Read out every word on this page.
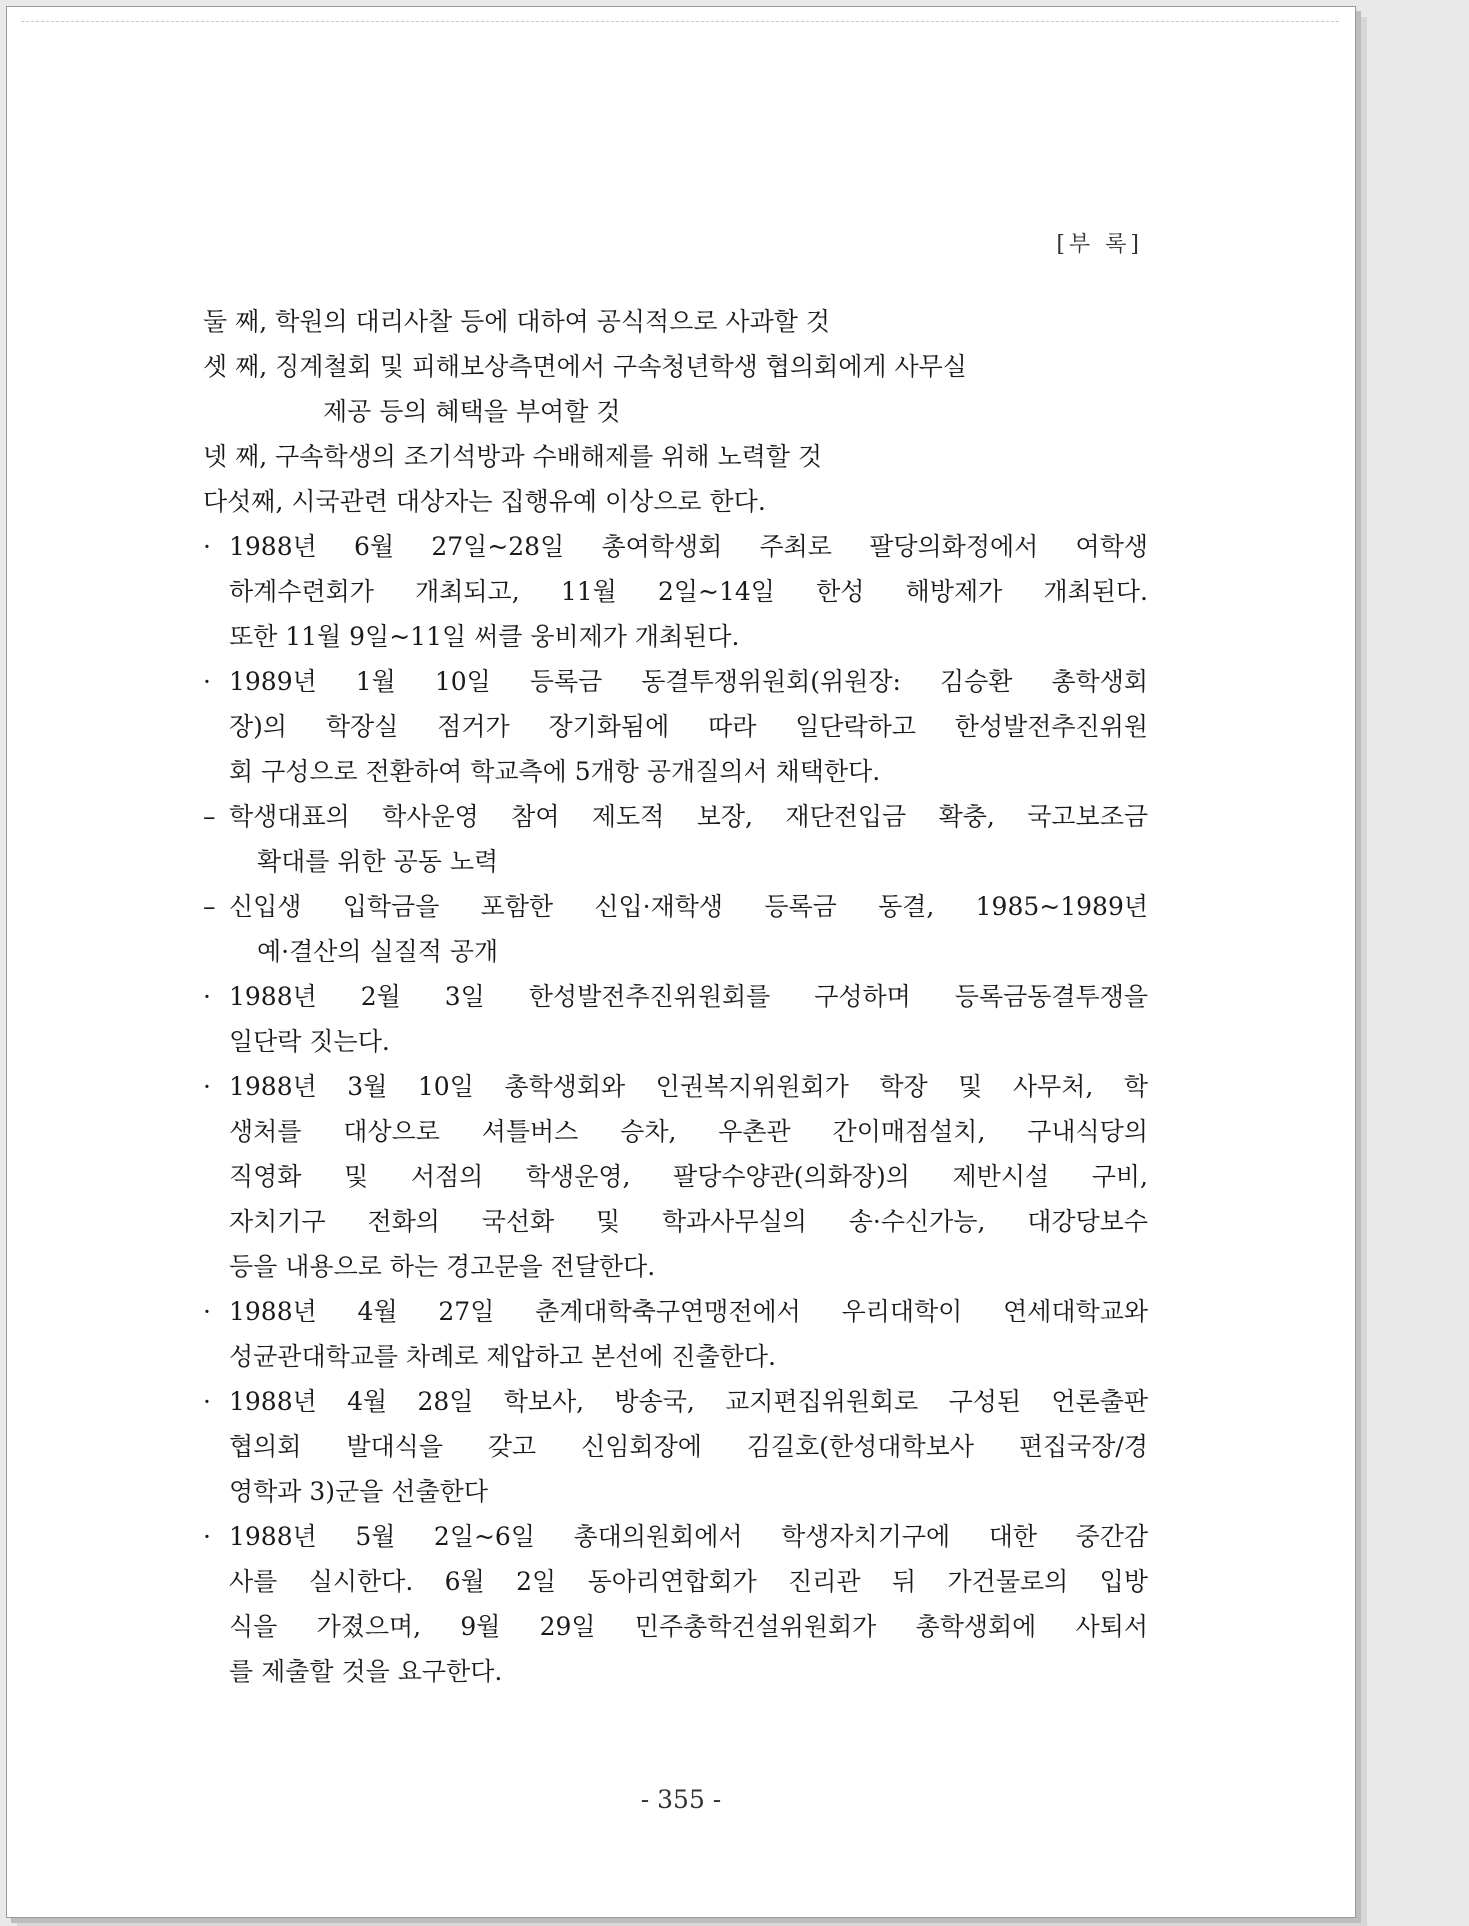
[부 록]
둘 째, 학원의 대리사찰 등에 대하여 공식적으로 사과할 것
셋 째, 징계철회 및 피해보상측면에서 구속청년학생 협의회에게 사무실
제공 등의 혜택을 부여할 것
넷 째, 구속학생의 조기석방과 수배해제를 위해 노력할 것
다섯째, 시국관련 대상자는 집행유예 이상으로 한다.
· 1988년 6월 27일~28일 총여학생회 주최로 팔당의화정에서 여학생
하계수련회가 개최되고, 11월 2일~14일 한성 해방제가 개최된다.
또한 11월 9일~11일 써클 웅비제가 개최된다.
· 1989년 1월 10일 등록금 동결투쟁위원회(위원장: 김승환 총학생회
장)의 학장실 점거가 장기화됨에 따라 일단락하고 한성발전추진위원
회 구성으로 전환하여 학교측에 5개항 공개질의서 채택한다.
– 학생대표의 학사운영 참여 제도적 보장, 재단전입금 확충, 국고보조금
확대를 위한 공동 노력
– 신입생 입학금을 포함한 신입·재학생 등록금 동결, 1985~1989년
예·결산의 실질적 공개
· 1988년 2월 3일 한성발전추진위원회를 구성하며 등록금동결투쟁을
일단락 짓는다.
· 1988년 3월 10일 총학생회와 인권복지위원회가 학장 및 사무처, 학
생처를 대상으로 셔틀버스 승차, 우촌관 간이매점설치, 구내식당의
직영화 및 서점의 학생운영, 팔당수양관(의화장)의 제반시설 구비,
자치기구 전화의 국선화 및 학과사무실의 송·수신가능, 대강당보수
등을 내용으로 하는 경고문을 전달한다.
· 1988년 4월 27일 춘계대학축구연맹전에서 우리대학이 연세대학교와
성균관대학교를 차례로 제압하고 본선에 진출한다.
· 1988년 4월 28일 학보사, 방송국, 교지편집위원회로 구성된 언론출판
협의회 발대식을 갖고 신임회장에 김길호(한성대학보사 편집국장/경
영학과 3)군을 선출한다
· 1988년 5월 2일~6일 총대의원회에서 학생자치기구에 대한 중간감
사를 실시한다. 6월 2일 동아리연합회가 진리관 뒤 가건물로의 입방
식을 가졌으며, 9월 29일 민주총학건설위원회가 총학생회에 사퇴서
를 제출할 것을 요구한다.
- 355 -
